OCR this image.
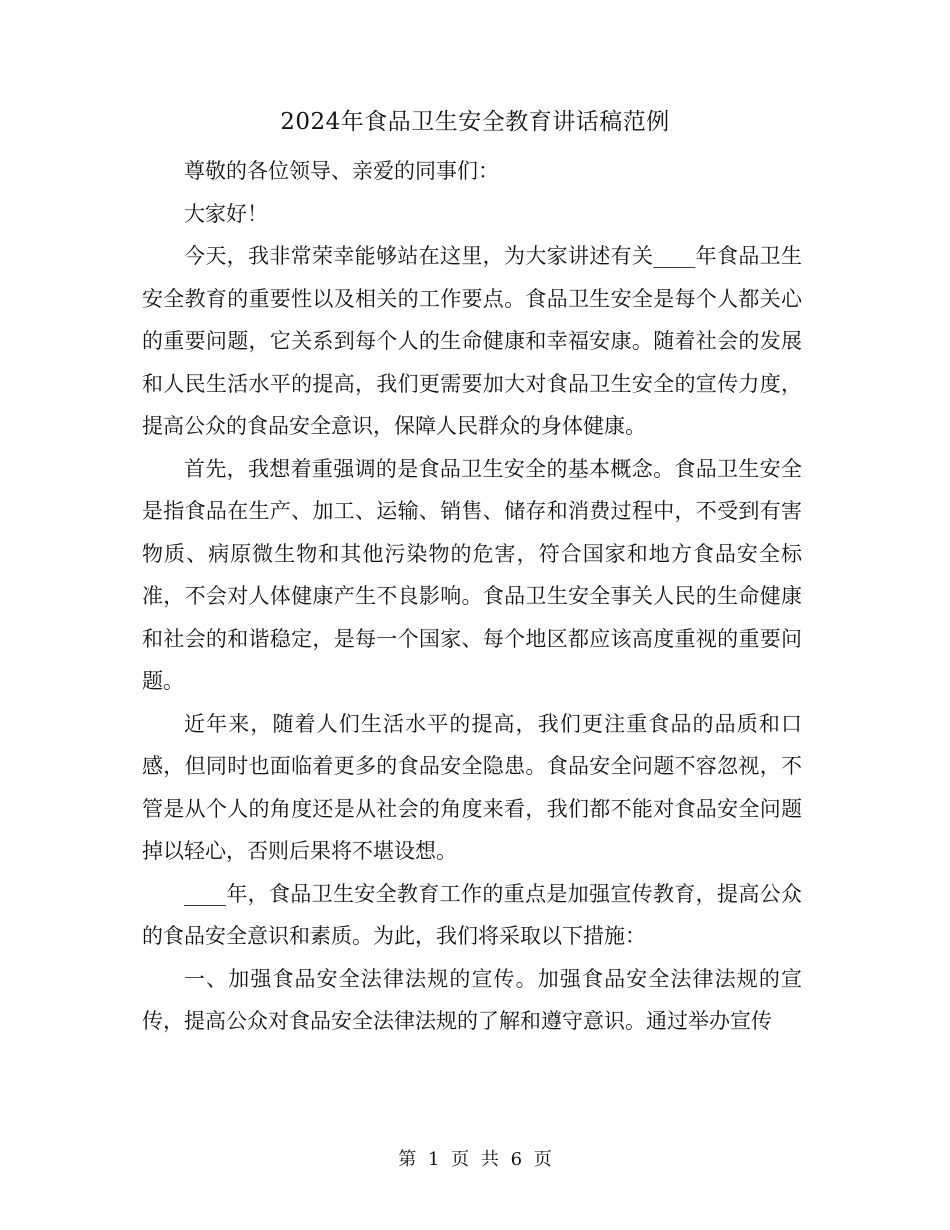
2024年食品卫生安全教育讲话稿范例

尊敬的各位领导、亲爱的同事们：

大家好！

今天，我非常荣幸能够站在这里，为大家讲述有关____年食品卫生安全教育的重要性以及相关的工作要点。食品卫生安全是每个人都关心的重要问题，它关系到每个人的生命健康和幸福安康。随着社会的发展和人民生活水平的提高，我们更需要加大对食品卫生安全的宣传力度，提高公众的食品安全意识，保障人民群众的身体健康。

首先，我想着重强调的是食品卫生安全的基本概念。食品卫生安全是指食品在生产、加工、运输、销售、储存和消费过程中，不受到有害物质、病原微生物和其他污染物的危害，符合国家和地方食品安全标准，不会对人体健康产生不良影响。食品卫生安全事关人民的生命健康和社会的和谐稳定，是每一个国家、每个地区都应该高度重视的重要问题。

近年来，随着人们生活水平的提高，我们更注重食品的品质和口感，但同时也面临着更多的食品安全隐患。食品安全问题不容忽视，不管是从个人的角度还是从社会的角度来看，我们都不能对食品安全问题掉以轻心，否则后果将不堪设想。

____年，食品卫生安全教育工作的重点是加强宣传教育，提高公众的食品安全意识和素质。为此，我们将采取以下措施：

一、加强食品安全法律法规的宣传。加强食品安全法律法规的宣传，提高公众对食品安全法律法规的了解和遵守意识。通过举办宣传

第 1 页 共 6 页
